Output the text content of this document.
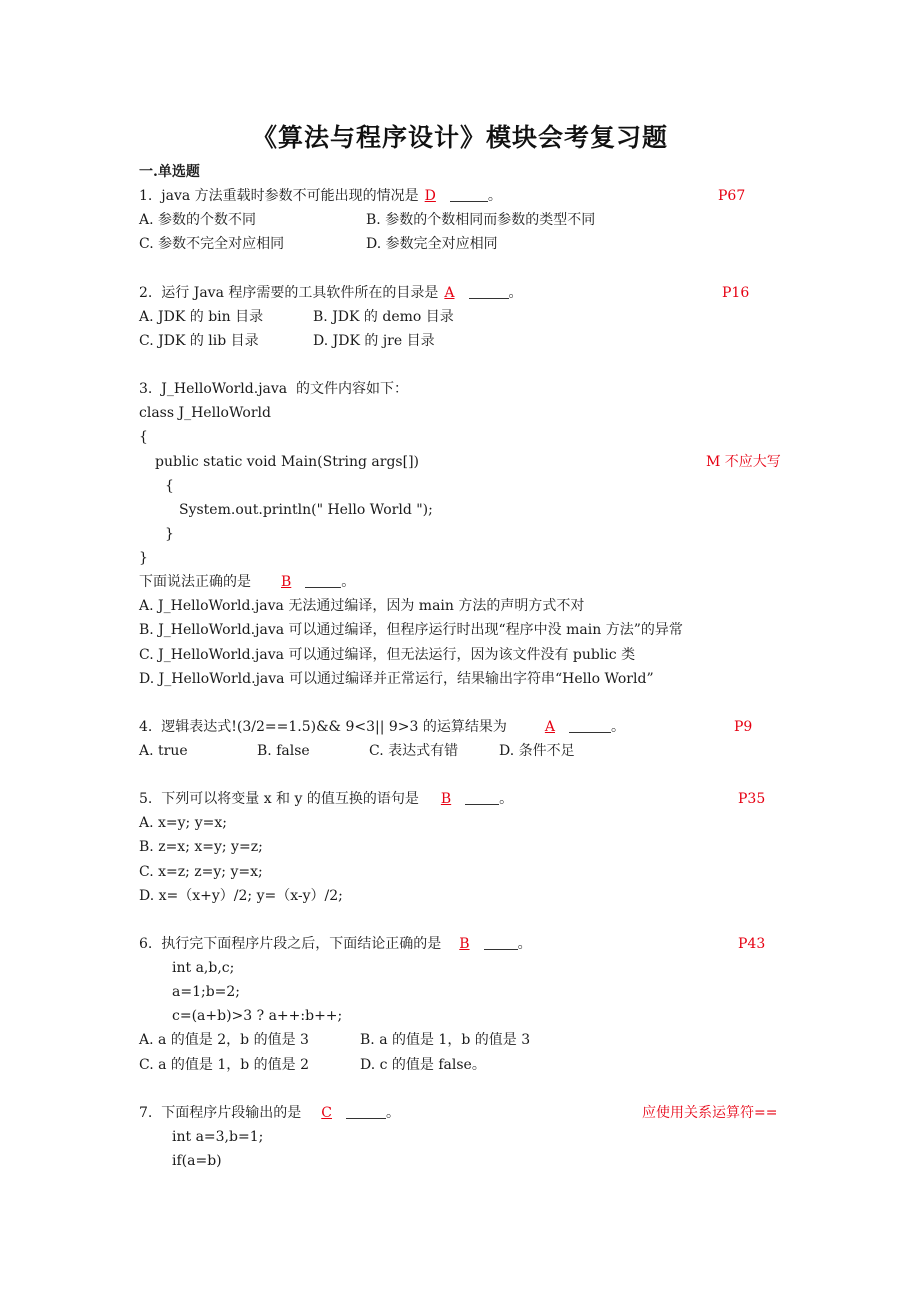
《算法与程序设计》模块会考复习题
一.单选题
1.  java 方法重载时参数不可能出现的情况是 D	。	P67
A. 参数的个数不同	B. 参数的个数相同而参数的类型不同
C. 参数不完全对应相同	D. 参数完全对应相同
2.  运行 Java 程序需要的工具软件所在的目录是 A	。	P16
A. JDK 的 bin 目录	B. JDK 的 demo 目录
C. JDK 的 lib 目录	D. JDK 的 jre 目录
3.  J_HelloWorld.java  的文件内容如下：
class J_HelloWorld
{
public static void Main(String args[])	M 不应大写
{
System.out.println(" Hello World ");
}
}
下面说法正确的是 B	。
A. J_HelloWorld.java 无法通过编译，因为 main 方法的声明方式不对
B. J_HelloWorld.java 可以通过编译，但程序运行时出现“程序中没 main 方法”的异常
C. J_HelloWorld.java 可以通过编译，但无法运行，因为该文件没有 public 类
D. J_HelloWorld.java 可以通过编译并正常运行，结果输出字符串“Hello World”
4.  逻辑表达式!(3/2==1.5)&& 9<3|| 9>3 的运算结果为	A	。	P9
A. true	B. false	C. 表达式有错	D. 条件不足
5.  下列可以将变量 x 和 y 的值互换的语句是 B	。	P35
A. x=y; y=x;
B. z=x; x=y; y=z;
C. x=z; z=y; y=x;
D. x=（x+y）/2; y=（x-y）/2;
6.  执行完下面程序片段之后，下面结论正确的是 B	。	P43
int a,b,c;
a=1;b=2;
c=(a+b)>3 ? a++:b++;
A. a 的值是 2，b 的值是 3	B. a 的值是 1，b 的值是 3
C. a 的值是 1，b 的值是 2	D. c 的值是 false。
7.  下面程序片段输出的是 C	。	应使用关系运算符==
int a=3,b=1;
if(a=b)
